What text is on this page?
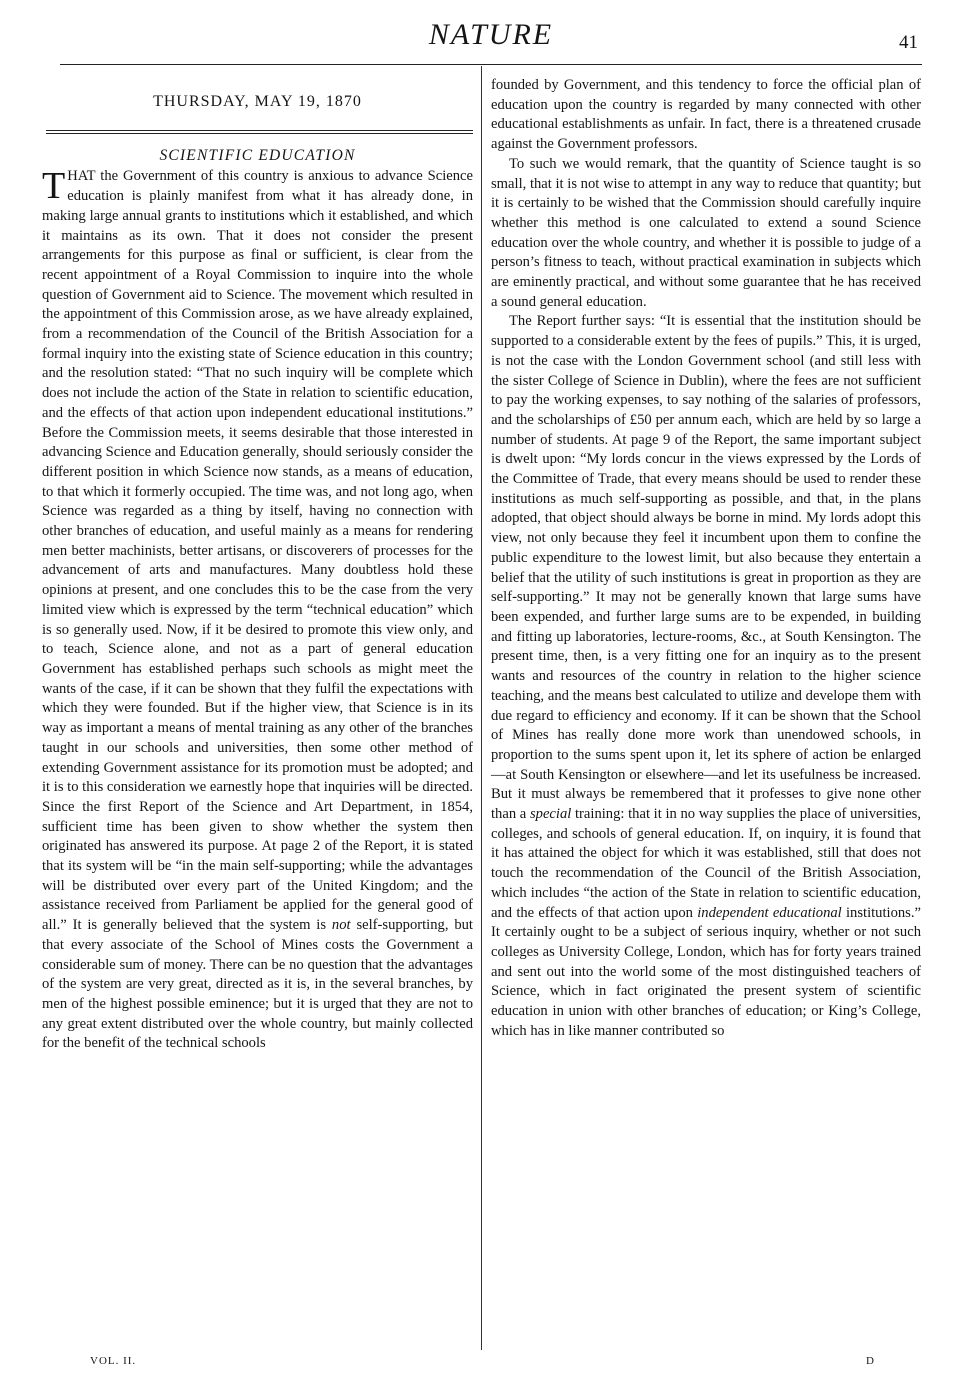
NATURE	41
THURSDAY, MAY 19, 1870
SCIENTIFIC EDUCATION

THAT the Government of this country is anxious to advance Science education is plainly manifest from what it has already done, in making large annual grants to institutions which it established, and which it maintains as its own. That it does not consider the present arrangements for this purpose as final or sufficient, is clear from the recent appointment of a Royal Commission to inquire into the whole question of Government aid to Science. The movement which resulted in the appointment of this Commission arose, as we have already explained, from a recommendation of the Council of the British Association for a formal inquiry into the existing state of Science education in this country; and the resolution stated: “That no such inquiry will be complete which does not include the action of the State in relation to scientific education, and the effects of that action upon independent educational institutions.” Before the Commission meets, it seems desirable that those interested in advancing Science and Education generally, should seriously consider the different position in which Science now stands, as a means of education, to that which it formerly occupied. The time was, and not long ago, when Science was regarded as a thing by itself, having no connection with other branches of education, and useful mainly as a means for rendering men better machinists, better artisans, or discoverers of processes for the advancement of arts and manufactures. Many doubtless hold these opinions at present, and one concludes this to be the case from the very limited view which is expressed by the term “technical education” which is so generally used. Now, if it be desired to promote this view only, and to teach, Science alone, and not as a part of general education Government has established perhaps such schools as might meet the wants of the case, if it can be shown that they fulfil the expectations with which they were founded. But if the higher view, that Science is in its way as important a means of mental training as any other of the branches taught in our schools and universities, then some other method of extending Government assistance for its promotion must be adopted; and it is to this consideration we earnestly hope that inquiries will be directed. Since the first Report of the Science and Art Department, in 1854, sufficient time has been given to show whether the system then originated has answered its purpose. At page 2 of the Report, it is stated that its system will be “in the main self-supporting; while the advantages will be distributed over every part of the United Kingdom; and the assistance received from Parliament be applied for the general good of all.” It is generally believed that the system is not self-supporting, but that every associate of the School of Mines costs the Government a considerable sum of money. There can be no question that the advantages of the system are very great, directed as it is, in the several branches, by men of the highest possible eminence; but it is urged that they are not to any great extent distributed over the whole country, but mainly collected for the benefit of the technical schools

founded by Government, and this tendency to force the official plan of education upon the country is regarded by many connected with other educational establishments as unfair. In fact, there is a threatened crusade against the Government professors.

To such we would remark, that the quantity of Science taught is so small, that it is not wise to attempt in any way to reduce that quantity; but it is certainly to be wished that the Commission should carefully inquire whether this method is one calculated to extend a sound Science education over the whole country, and whether it is possible to judge of a person’s fitness to teach, without practical examination in subjects which are eminently practical, and without some guarantee that he has received a sound general education.

The Report further says: “It is essential that the institution should be supported to a considerable extent by the fees of pupils.” This, it is urged, is not the case with the London Government school (and still less with the sister College of Science in Dublin), where the fees are not sufficient to pay the working expenses, to say nothing of the salaries of professors, and the scholarships of £50 per annum each, which are held by so large a number of students. At page 9 of the Report, the same important subject is dwelt upon: “My lords concur in the views expressed by the Lords of the Committee of Trade, that every means should be used to render these institutions as much self-supporting as possible, and that, in the plans adopted, that object should always be borne in mind. My lords adopt this view, not only because they feel it incumbent upon them to confine the public expenditure to the lowest limit, but also because they entertain a belief that the utility of such institutions is great in proportion as they are self-supporting.” It may not be generally known that large sums have been expended, and further large sums are to be expended, in building and fitting up laboratories, lecture-rooms, &c., at South Kensington. The present time, then, is a very fitting one for an inquiry as to the present wants and resources of the country in relation to the higher science teaching, and the means best calculated to utilize and develope them with due regard to efficiency and economy. If it can be shown that the School of Mines has really done more work than unendowed schools, in proportion to the sums spent upon it, let its sphere of action be enlarged—at South Kensington or elsewhere—and let its usefulness be increased. But it must always be remembered that it professes to give none other than a special training: that it in no way supplies the place of universities, colleges, and schools of general education. If, on inquiry, it is found that it has attained the object for which it was established, still that does not touch the recommendation of the Council of the British Association, which includes “the action of the State in relation to scientific education, and the effects of that action upon independent educational institutions.” It certainly ought to be a subject of serious inquiry, whether or not such colleges as University College, London, which has for forty years trained and sent out into the world some of the most distinguished teachers of Science, which in fact originated the present system of scientific education in union with other branches of education; or King’s College, which has in like manner contributed so

VOL. II.	D
